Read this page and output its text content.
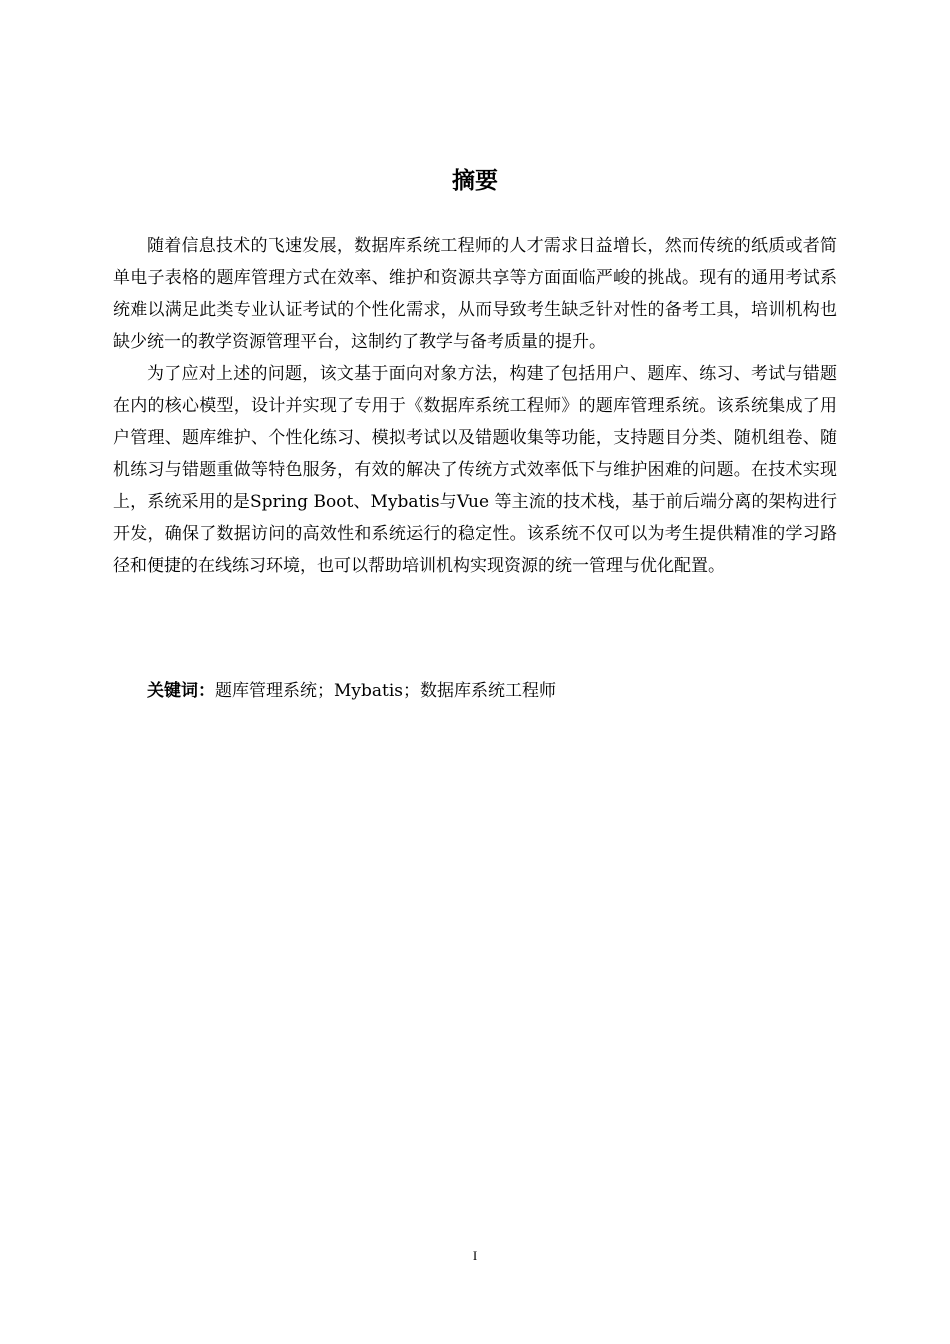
摘要

随着信息技术的飞速发展，数据库系统工程师的人才需求日益增长，然而传统的纸质或者简单电子表格的题库管理方式在效率、维护和资源共享等方面面临严峻的挑战。现有的通用考试系统难以满足此类专业认证考试的个性化需求，从而导致考生缺乏针对性的备考工具，培训机构也缺少统一的教学资源管理平台，这制约了教学与备考质量的提升。

为了应对上述的问题，该文基于面向对象方法，构建了包括用户、题库、练习、考试与错题在内的核心模型，设计并实现了专用于《数据库系统工程师》的题库管理系统。该系统集成了用户管理、题库维护、个性化练习、模拟考试以及错题收集等功能，支持题目分类、随机组卷、随机练习与错题重做等特色服务，有效的解决了传统方式效率低下与维护困难的问题。在技术实现上，系统采用的是Spring Boot、Mybatis与Vue 等主流的技术栈，基于前后端分离的架构进行开发，确保了数据访问的高效性和系统运行的稳定性。该系统不仅可以为考生提供精准的学习路径和便捷的在线练习环境，也可以帮助培训机构实现资源的统一管理与优化配置。

关键词：题库管理系统；Mybatis；数据库系统工程师
I
